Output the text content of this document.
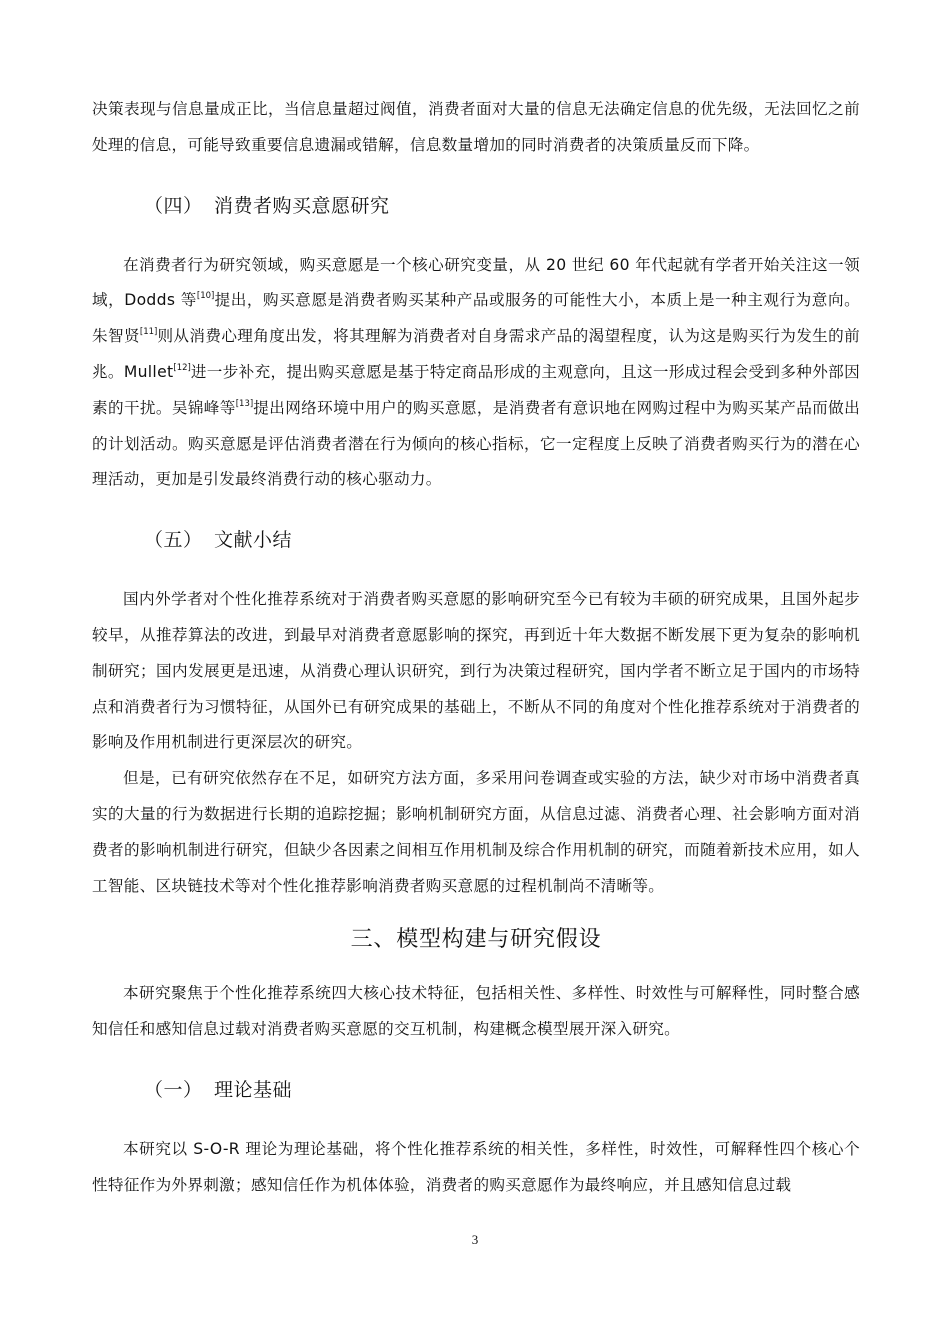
决策表现与信息量成正比，当信息量超过阀值，消费者面对大量的信息无法确定信息的优先级，无法回忆之前处理的信息，可能导致重要信息遗漏或错解，信息数量增加的同时消费者的决策质量反而下降。

（四） 消费者购买意愿研究

在消费者行为研究领域，购买意愿是一个核心研究变量，从 20 世纪 60 年代起就有学者开始关注这一领域，Dodds 等[10]提出，购买意愿是消费者购买某种产品或服务的可能性大小，本质上是一种主观行为意向。朱智贤[11]则从消费心理角度出发，将其理解为消费者对自身需求产品的渴望程度，认为这是购买行为发生的前兆。Mullet[12]进一步补充，提出购买意愿是基于特定商品形成的主观意向，且这一形成过程会受到多种外部因素的干扰。吴锦峰等[13]提出网络环境中用户的购买意愿，是消费者有意识地在网购过程中为购买某产品而做出的计划活动。购买意愿是评估消费者潜在行为倾向的核心指标，它一定程度上反映了消费者购买行为的潜在心理活动，更加是引发最终消费行动的核心驱动力。

（五） 文献小结

国内外学者对个性化推荐系统对于消费者购买意愿的影响研究至今已有较为丰硕的研究成果，且国外起步较早，从推荐算法的改进，到最早对消费者意愿影响的探究，再到近十年大数据不断发展下更为复杂的影响机制研究；国内发展更是迅速，从消费心理认识研究，到行为决策过程研究，国内学者不断立足于国内的市场特点和消费者行为习惯特征，从国外已有研究成果的基础上，不断从不同的角度对个性化推荐系统对于消费者的影响及作用机制进行更深层次的研究。

但是，已有研究依然存在不足，如研究方法方面，多采用问卷调查或实验的方法，缺少对市场中消费者真实的大量的行为数据进行长期的追踪挖掘；影响机制研究方面，从信息过滤、消费者心理、社会影响方面对消费者的影响机制进行研究，但缺少各因素之间相互作用机制及综合作用机制的研究，而随着新技术应用，如人工智能、区块链技术等对个性化推荐影响消费者购买意愿的过程机制尚不清晰等。

三、模型构建与研究假设

本研究聚焦于个性化推荐系统四大核心技术特征，包括相关性、多样性、时效性与可解释性，同时整合感知信任和感知信息过载对消费者购买意愿的交互机制，构建概念模型展开深入研究。

（一） 理论基础

本研究以 S-O-R 理论为理论基础，将个性化推荐系统的相关性，多样性，时效性，可解释性四个核心个性特征作为外界刺激；感知信任作为机体体验，消费者的购买意愿作为最终响应，并且感知信息过载

3
